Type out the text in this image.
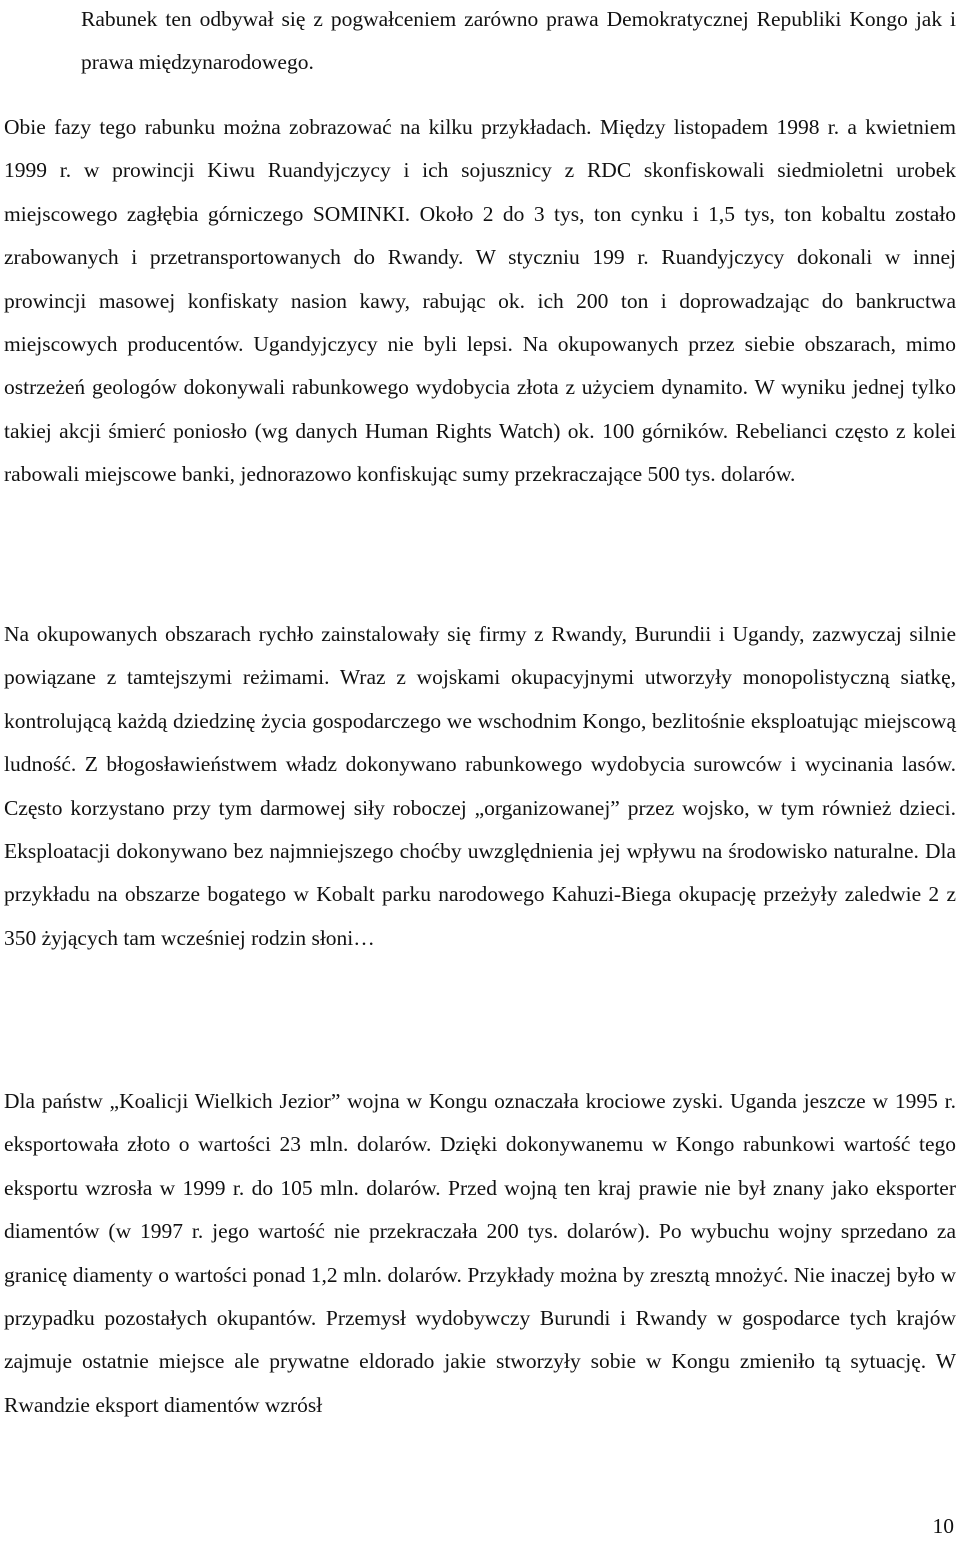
Rabunek ten odbywał się z pogwałceniem zarówno prawa Demokratycznej Republiki Kongo jak i prawa międzynarodowego.

Obie fazy tego rabunku można zobrazować na kilku przykładach. Między listopadem 1998 r. a kwietniem 1999 r. w prowincji Kiwu Ruandyjczycy i ich sojusznicy z RDC skonfiskowali siedmioletni urobek miejscowego zagłębia górniczego SOMINKI. Około 2 do 3 tys, ton cynku i 1,5 tys, ton kobaltu zostało zrabowanych i przetransportowanych do Rwandy. W styczniu 199 r. Ruandyjczycy dokonali w innej prowincji masowej konfiskaty nasion kawy, rabując ok. ich 200 ton i doprowadzając do bankructwa miejscowych producentów. Ugandyjczycy nie byli lepsi. Na okupowanych przez siebie obszarach, mimo ostrzeżeń geologów dokonywali rabunkowego wydobycia złota z użyciem dynamito. W wyniku jednej tylko takiej akcji śmierć poniosło (wg danych Human Rights Watch) ok. 100 górników. Rebelianci często z kolei rabowali miejscowe banki, jednorazowo konfiskując sumy przekraczające 500 tys. dolarów.

Na okupowanych obszarach rychło zainstalowały się firmy z Rwandy, Burundii i Ugandy, zazwyczaj silnie powiązane z tamtejszymi reżimami. Wraz z wojskami okupacyjnymi utworzyły monopolistyczną siatkę, kontrolującą każdą dziedzinę życia gospodarczego we wschodnim Kongo, bezlitośnie eksploatując miejscową ludność. Z błogosławieństwem władz dokonywano rabunkowego wydobycia surowców i wycinania lasów. Często korzystano przy tym darmowej siły roboczej „organizowanej” przez wojsko, w tym również dzieci. Eksploatacji dokonywano bez najmniejszego choćby uwzględnienia jej wpływu na środowisko naturalne. Dla przykładu na obszarze bogatego w Kobalt parku narodowego Kahuzi-Biega okupację przeżyły zaledwie 2 z 350 żyjących tam wcześniej rodzin słoni…

Dla państw „Koalicji Wielkich Jezior” wojna w Kongu oznaczała krociowe zyski. Uganda jeszcze w 1995 r. eksportowała złoto o wartości 23 mln. dolarów. Dzięki dokonywanemu w Kongo rabunkowi wartość tego eksportu wzrosła w 1999 r. do 105 mln. dolarów. Przed wojną ten kraj prawie nie był znany jako eksporter diamentów (w 1997 r. jego wartość nie przekraczała 200 tys. dolarów). Po wybuchu wojny sprzedano za granicę diamenty o wartości ponad 1,2 mln. dolarów. Przykłady można by zresztą mnożyć. Nie inaczej było w przypadku pozostałych okupantów. Przemysł wydobywczy Burundi i Rwandy w gospodarce tych krajów zajmuje ostatnie miejsce ale prywatne eldorado jakie stworzyły sobie w Kongu zmieniło tą sytuację. W Rwandzie eksport diamentów wzrósł

10
